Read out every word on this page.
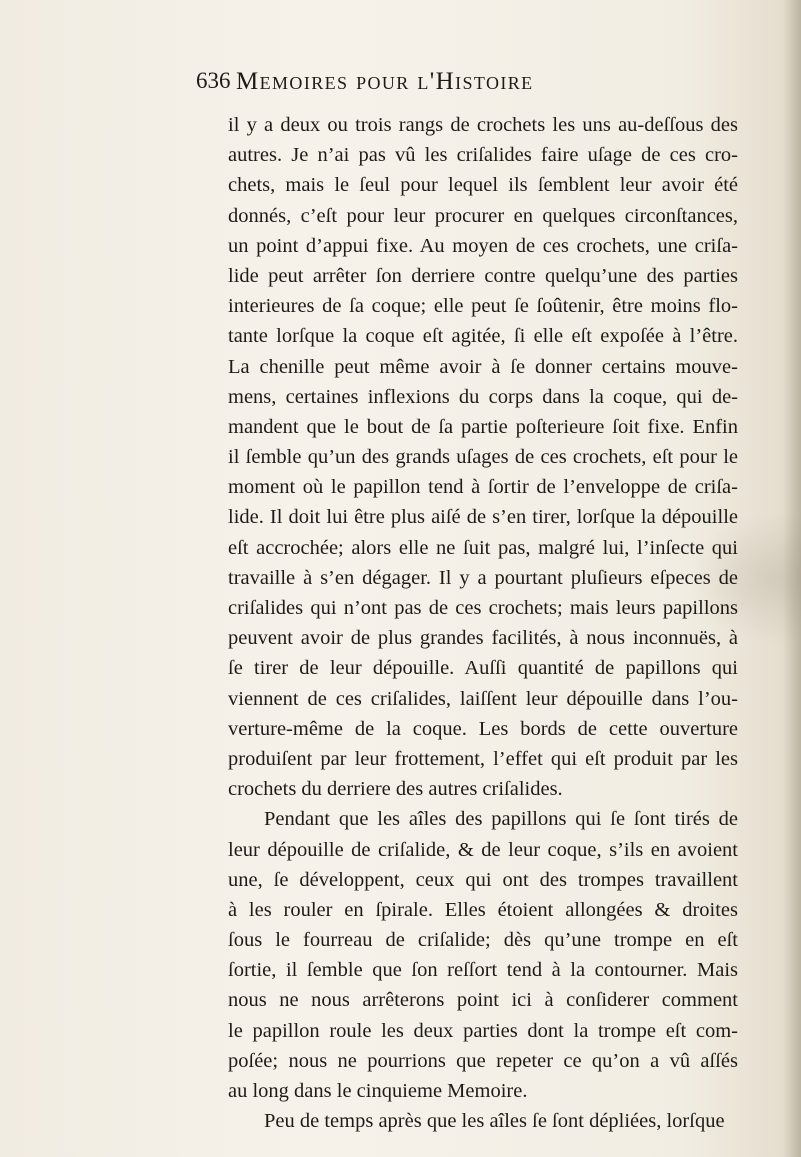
636 Memoires pour l'Histoire
il y a deux ou trois rangs de crochets les uns au-deſſous des
autres. Je n’ai pas vû les criſalides faire uſage de ces cro-
chets, mais le ſeul pour lequel ils ſemblent leur avoir été
donnés, c’eſt pour leur procurer en quelques circonſtances,
un point d’appui fixe. Au moyen de ces crochets, une criſa-
lide peut arrêter ſon derriere contre quelqu’une des parties
interieures de ſa coque; elle peut ſe ſoûtenir, être moins flo-
tante lorſque la coque eſt agitée, ſi elle eſt expoſée à l’être.
La chenille peut même avoir à ſe donner certains mouve-
mens, certaines inflexions du corps dans la coque, qui de-
mandent que le bout de ſa partie poſterieure ſoit fixe. Enfin
il ſemble qu’un des grands uſages de ces crochets, eſt pour le
moment où le papillon tend à ſortir de l’enveloppe de criſa-
lide. Il doit lui être plus aiſé de s’en tirer, lorſque la dépouille
eſt accrochée; alors elle ne ſuit pas, malgré lui, l’inſecte qui
travaille à s’en dégager. Il y a pourtant pluſieurs eſpeces de
criſalides qui n’ont pas de ces crochets; mais leurs papillons
peuvent avoir de plus grandes facilités, à nous inconnuës, à
ſe tirer de leur dépouille. Auſſi quantité de papillons qui
viennent de ces criſalides, laiſſent leur dépouille dans l’ou-
verture-même de la coque. Les bords de cette ouverture
produiſent par leur frottement, l’effet qui eſt produit par les
crochets du derriere des autres criſalides.
Pendant que les aîles des papillons qui ſe ſont tirés de
leur dépouille de criſalide, & de leur coque, s’ils en avoient
une, ſe développent, ceux qui ont des trompes travaillent
à les rouler en ſpirale. Elles étoient allongées & droites
ſous le fourreau de criſalide; dès qu’une trompe en eſt
ſortie, il ſemble que ſon reſſort tend à la contourner. Mais
nous ne nous arrêterons point ici à conſiderer comment
le papillon roule les deux parties dont la trompe eſt com-
poſée; nous ne pourrions que repeter ce qu’on a vû aſſés
au long dans le cinquieme Memoire.
Peu de temps après que les aîles ſe ſont dépliées, lorſque
